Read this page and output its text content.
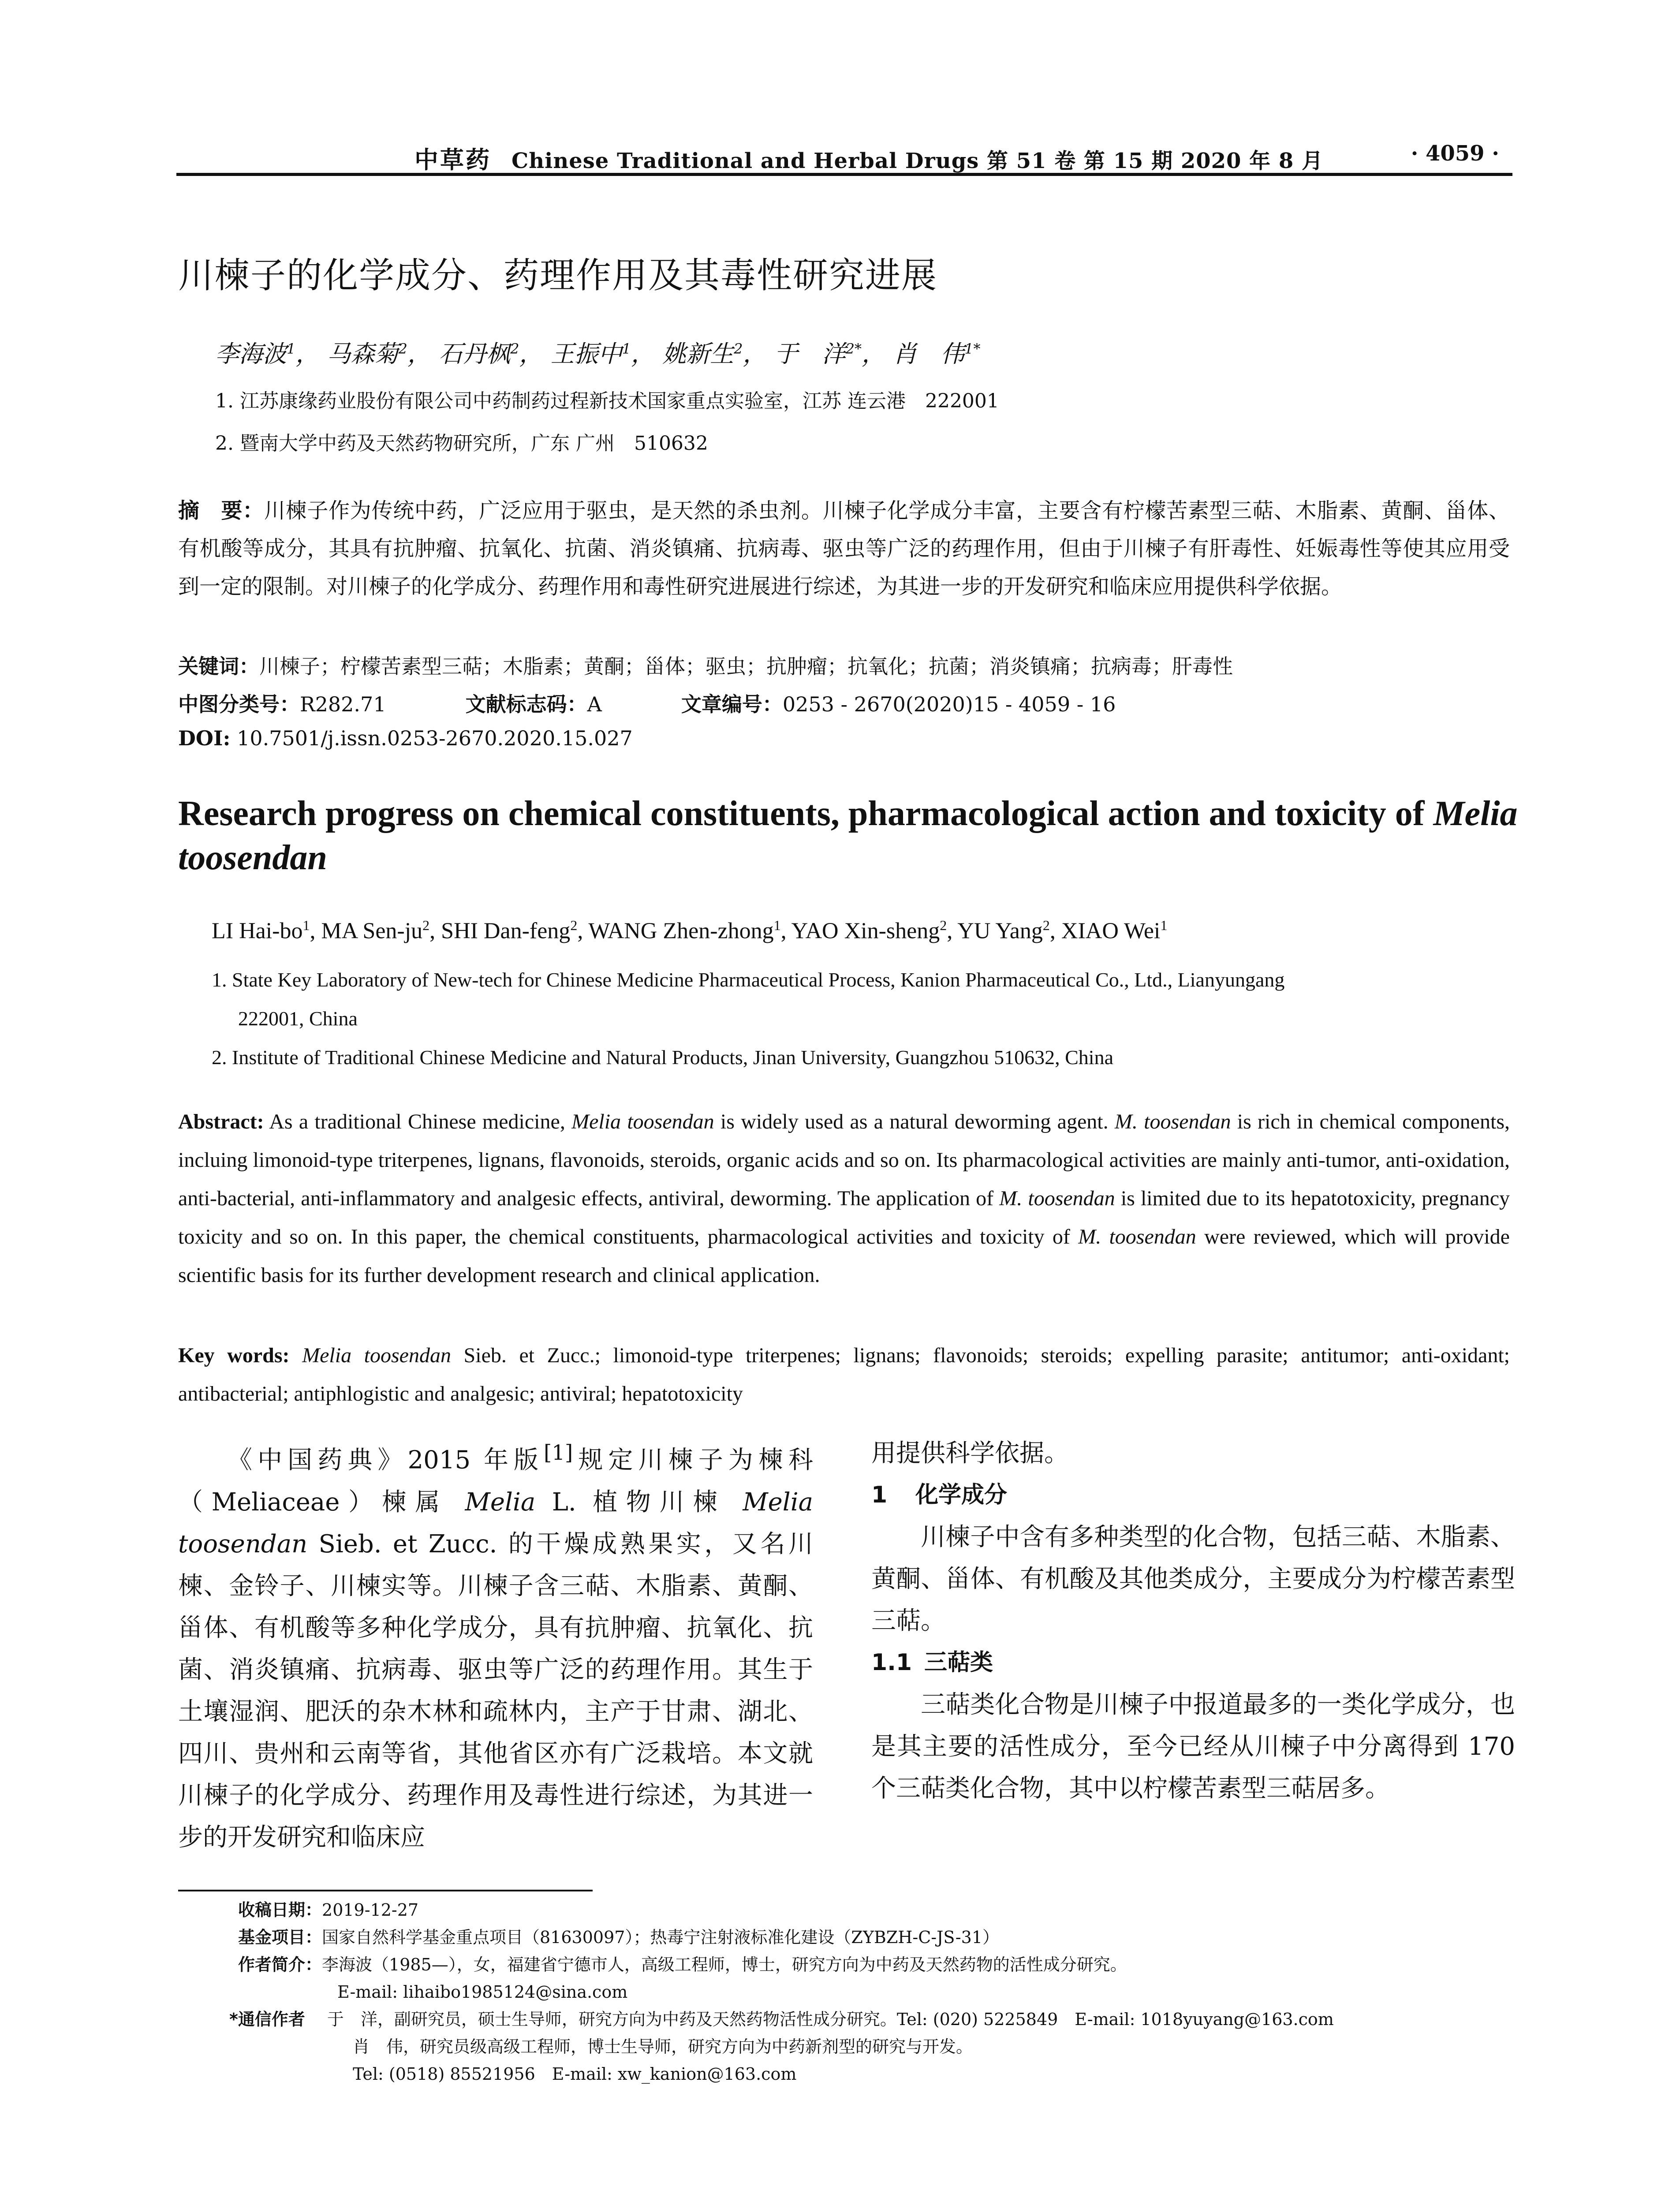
中草药 Chinese Traditional and Herbal Drugs 第 51 卷 第 15 期 2020 年 8 月	· 4059 ·
川楝子的化学成分、药理作用及其毒性研究进展
李海波$^1$， 马森菊$^2$， 石丹枫$^2$， 王振中$^1$， 姚新生$^2$， 于　洋$^{2*}$， 肖　伟$^{1*}$
1. 江苏康缘药业股份有限公司中药制药过程新技术国家重点实验室，江苏 连云港　222001
2. 暨南大学中药及天然药物研究所，广东 广州　510632
摘　要：川楝子作为传统中药，广泛应用于驱虫，是天然的杀虫剂。川楝子化学成分丰富，主要含有柠檬苦素型三萜、木脂素、黄酮、甾体、有机酸等成分，其具有抗肿瘤、抗氧化、抗菌、消炎镇痛、抗病毒、驱虫等广泛的药理作用，但由于川楝子有肝毒性、妊娠毒性等使其应用受到一定的限制。对川楝子的化学成分、药理作用和毒性研究进展进行综述，为其进一步的开发研究和临床应用提供科学依据。
关键词：川楝子；柠檬苦素型三萜；木脂素；黄酮；甾体；驱虫；抗肿瘤；抗氧化；抗菌；消炎镇痛；抗病毒；肝毒性
中图分类号：R282.71	文献标志码：A	文章编号：0253 - 2670(2020)15 - 4059 - 16
DOI: 10.7501/j.issn.0253-2670.2020.15.027
Research progress on chemical constituents, pharmacological action and toxicity of Melia toosendan
LI Hai-$bo^1$, MA Sen-$ju^2$, SHI Dan-feng$^2$, WANG Zhen-zhong$^1$, YAO Xin-sheng$^2$, YU Yang$^2$, XIAO Wei$^1$
1. State Key Laboratory of New-tech for Chinese Medicine Pharmaceutical Process, Kanion Pharmaceutical Co., Ltd., Lianyungang
222001, China
2. Institute of Traditional Chinese Medicine and Natural Products, Jinan University, Guangzhou 510632, China
Abstract: As a traditional Chinese medicine, Melia toosendan is widely used as a natural deworming agent. M. toosendan is rich in chemical components, incluing limonoid-type triterpenes, lignans, flavonoids, steroids, organic acids and so on. Its pharmacological activities are mainly anti-tumor, anti-oxidation, anti-bacterial, anti-inflammatory and analgesic effects, antiviral, deworming. The application of M. toosendan is limited due to its hepatotoxicity, pregnancy toxicity and so on. In this paper, the chemical constituents, pharmacological activities and toxicity of M. toosendan were reviewed, which will provide scientific basis for its further development research and clinical application.
Key words: Melia toosendan Sieb. et Zucc.; limonoid-type triterpenes; lignans; flavonoids; steroids; expelling parasite; antitumor; anti-oxidant; antibacterial; antiphlogistic and analgesic; antiviral; hepatotoxicity

《中国药典》2015 年版[1]规定川楝子为楝科（Meliaceae）楝属 Melia L. 植物川楝 Melia toosendan Sieb. et Zucc. 的干燥成熟果实，又名川楝、金铃子、川楝实等。川楝子含三萜、木脂素、黄酮、甾体、有机酸等多种化学成分，具有抗肿瘤、抗氧化、抗菌、消炎镇痛、抗病毒、驱虫等广泛的药理作用。其生于土壤湿润、肥沃的杂木林和疏林内，主产于甘肃、湖北、四川、贵州和云南等省，其他省区亦有广泛栽培。本文就川楝子的化学成分、药理作用及毒性进行综述，为其进一步的开发研究和临床应

用提供科学依据。

1 化学成分

川楝子中含有多种类型的化合物，包括三萜、木脂素、黄酮、甾体、有机酸及其他类成分，主要成分为柠檬苦素型三萜。

1.1 三萜类

三萜类化合物是川楝子中报道最多的一类化学成分，也是其主要的活性成分，至今已经从川楝子中分离得到 170 个三萜类化合物，其中以柠檬苦素型三萜居多。

收稿日期：2019-12-27
基金项目：国家自然科学基金重点项目（81630097）；热毒宁注射液标准化建设（ZYBZH-C-JS-31）
作者简介：李海波（1985—），女，福建省宁德市人，高级工程师，博士，研究方向为中药及天然药物的活性成分研究。
E-mail: lihaibo1985124@sina.com
*通信作者 于　洋，副研究员，硕士生导师，研究方向为中药及天然药物活性成分研究。Tel: (020) 5225849　E-mail: 1018yuyang@163.com
肖　伟，研究员级高级工程师，博士生导师，研究方向为中药新剂型的研究与开发。
Tel: (0518) 85521956　E-mail: xw_kanion@163.com
